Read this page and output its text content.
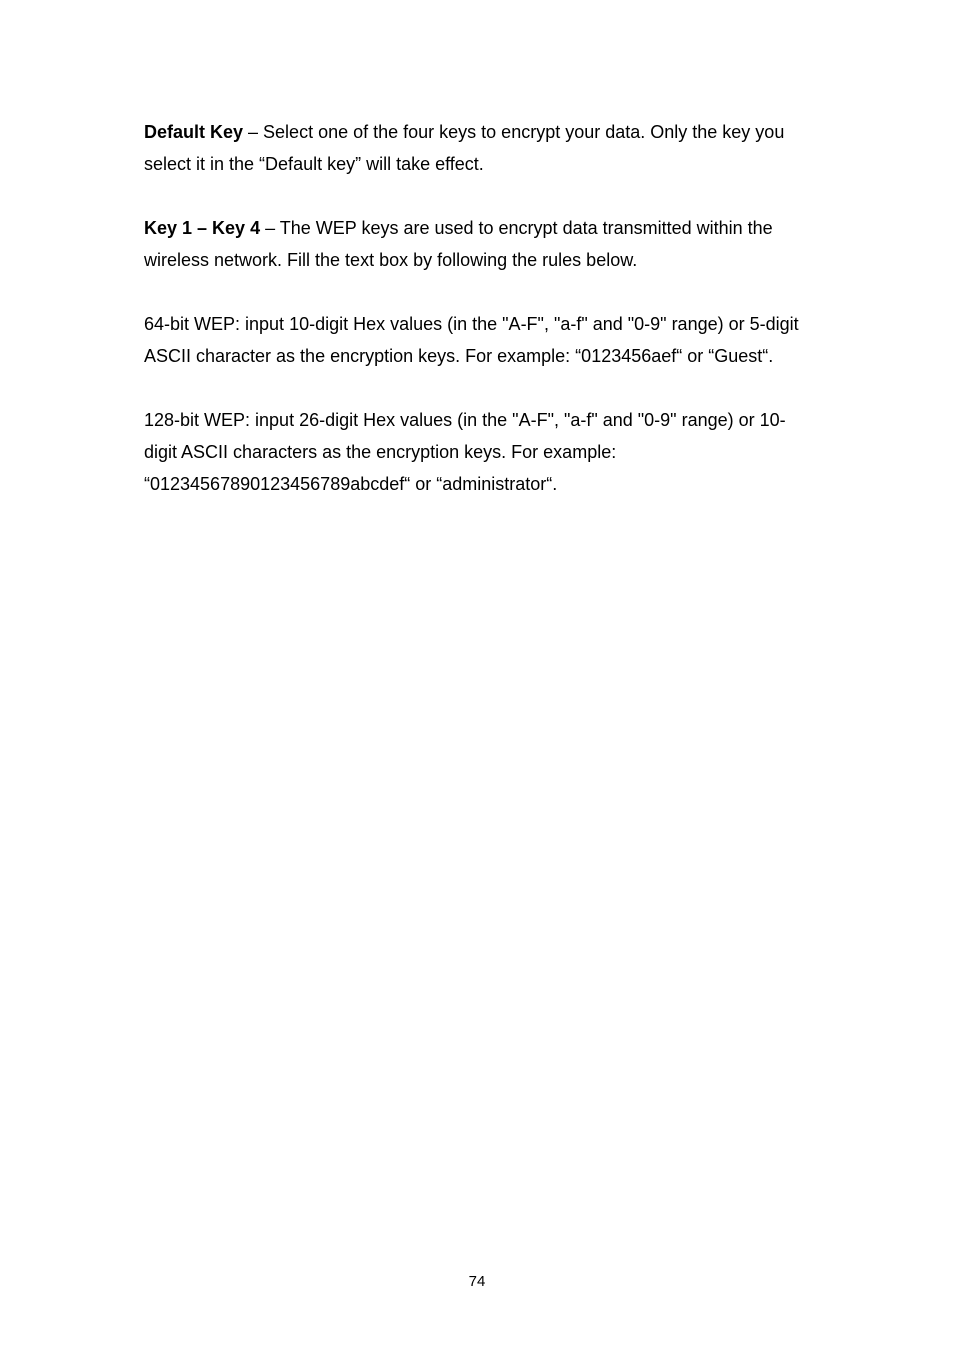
Default Key – Select one of the four keys to encrypt your data. Only the key you select it in the “Default key” will take effect.

Key 1 – Key 4 – The WEP keys are used to encrypt data transmitted within the wireless network. Fill the text box by following the rules below.

64-bit WEP: input 10-digit Hex values (in the "A-F", "a-f" and "0-9" range) or 5-digit ASCII character as the encryption keys. For example: “0123456aef“ or “Guest“.

128-bit WEP: input 26-digit Hex values (in the "A-F", "a-f" and "0-9" range) or 10-digit ASCII characters as the encryption keys. For example: “01234567890123456789abcdef“ or “administrator“.

74
